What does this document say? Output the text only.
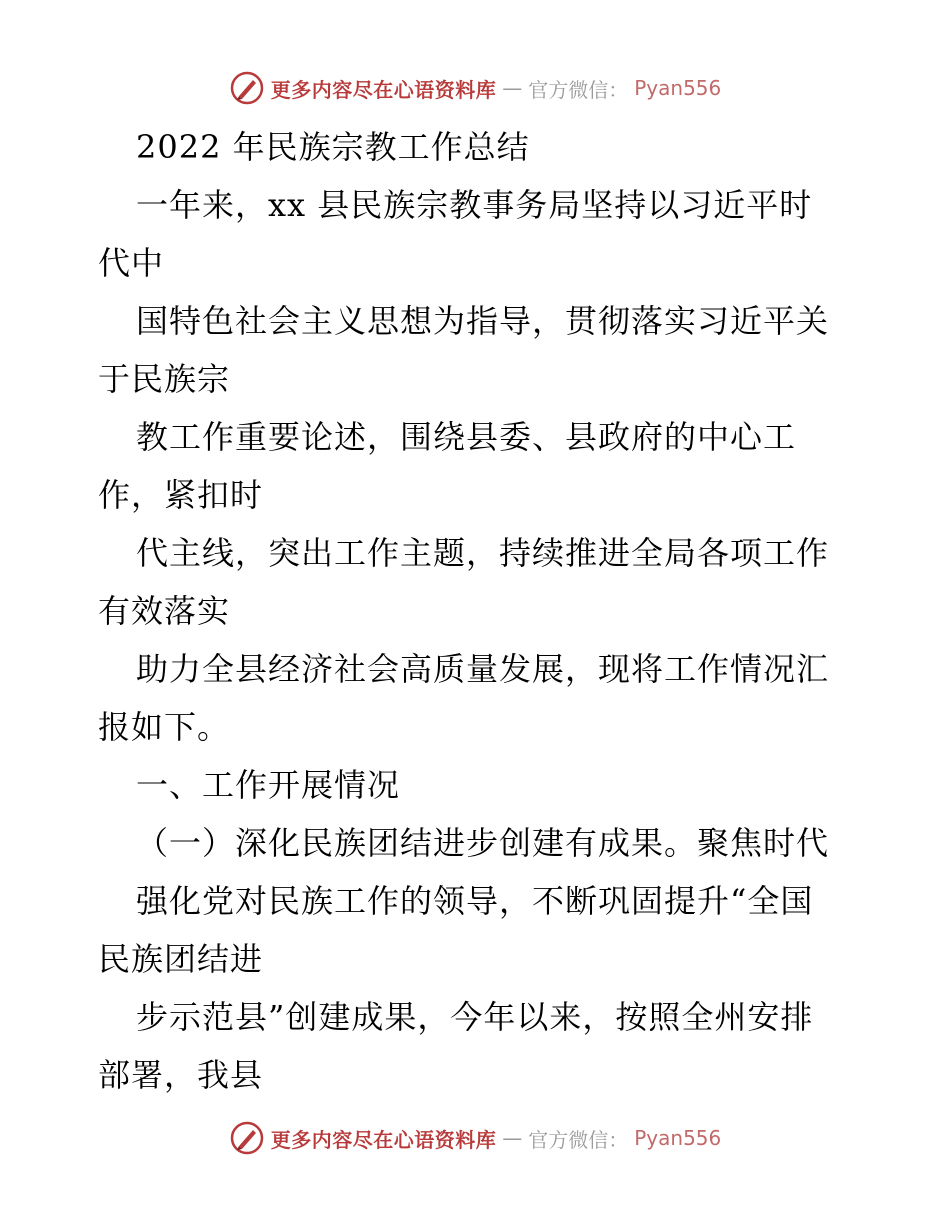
更多内容尽在心语资料库 — 官方微信： Pyan556
2022 年民族宗教工作总结
一年来，xx 县民族宗教事务局坚持以习近平时
代中
国特色社会主义思想为指导，贯彻落实习近平关
于民族宗
教工作重要论述，围绕县委、县政府的中心工
作，紧扣时
代主线，突出工作主题，持续推进全局各项工作
有效落实
助力全县经济社会高质量发展，现将工作情况汇
报如下。
一、工作开展情况
（一）深化民族团结进步创建有成果。聚焦时代
强化党对民族工作的领导，不断巩固提升“全国
民族团结进
步示范县”创建成果，今年以来，按照全州安排
部署，我县
更多内容尽在心语资料库 — 官方微信： Pyan556
